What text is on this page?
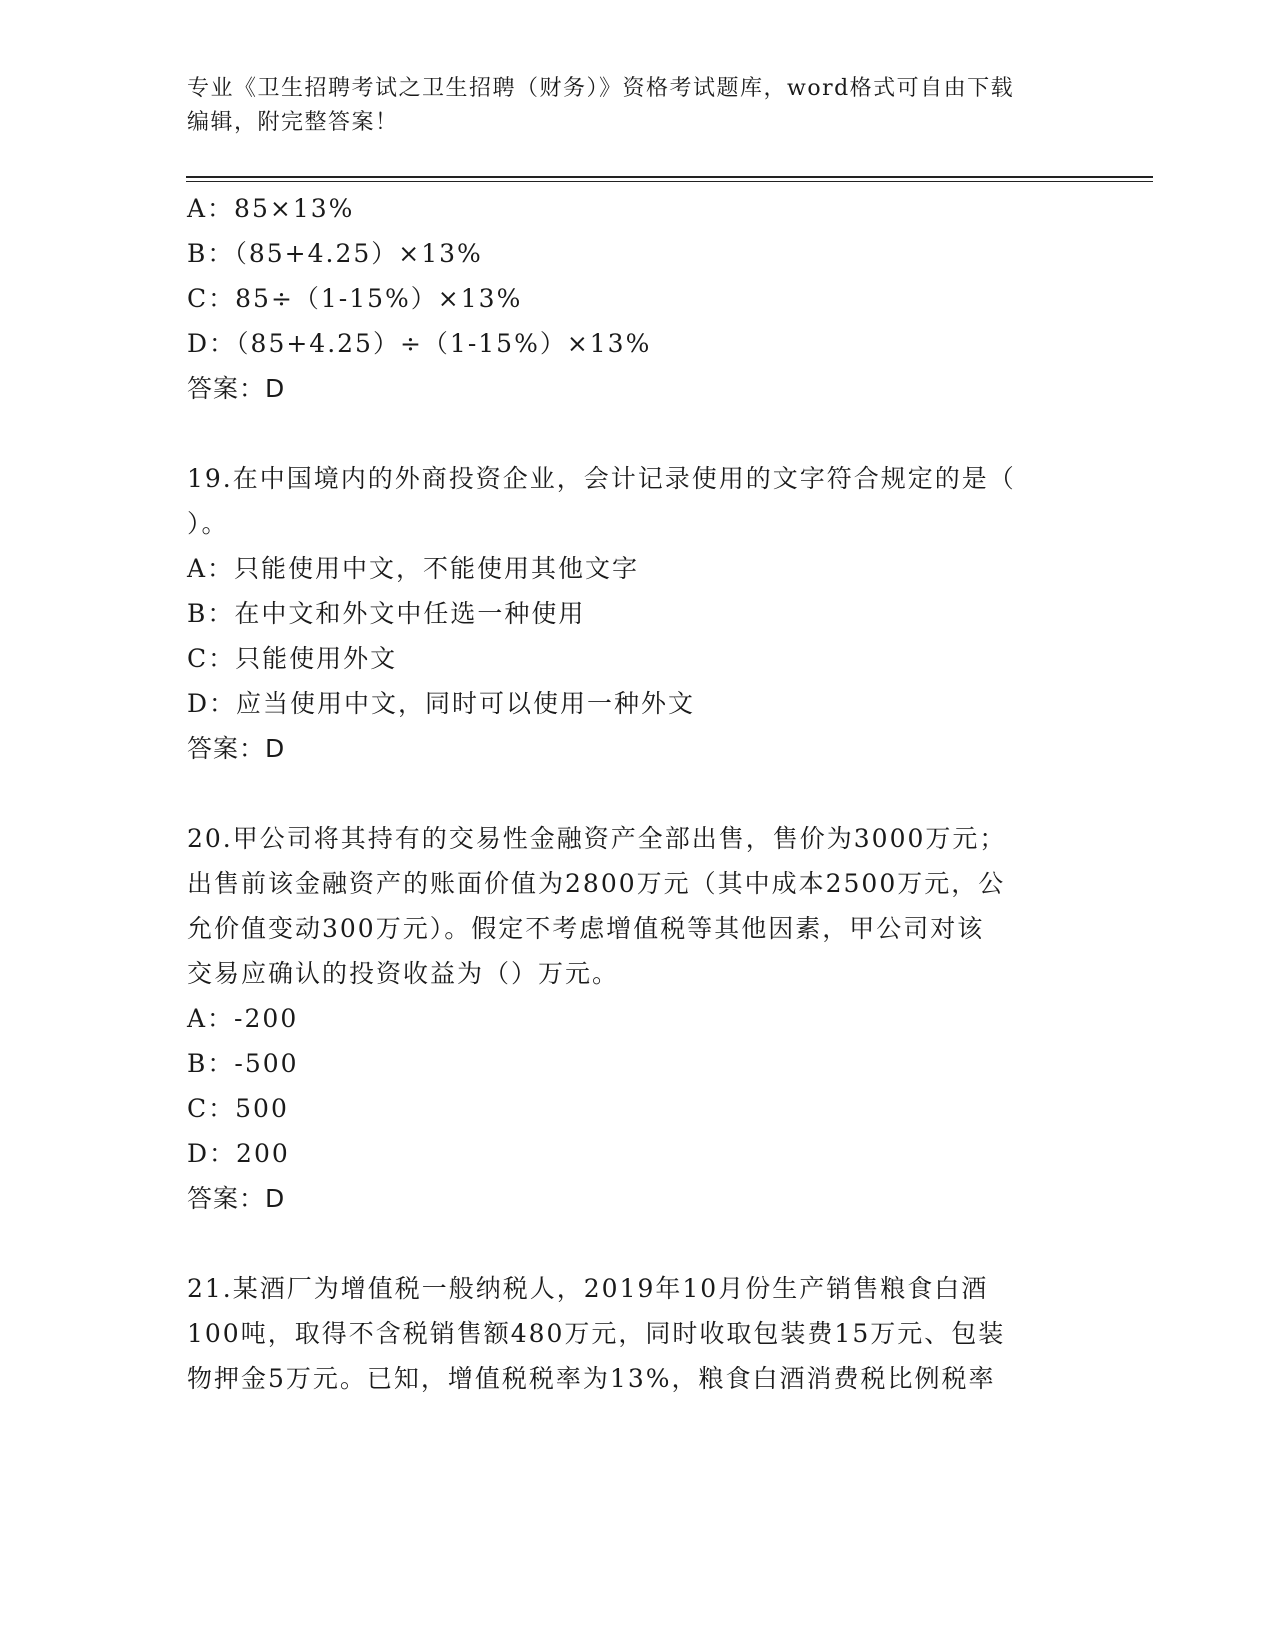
专业《卫生招聘考试之卫生招聘（财务）》资格考试题库，word格式可自由下载
编辑，附完整答案！
A：85×13%
B：（85+4.25）×13%
C：85÷（1-15%）×13%
D：（85+4.25）÷（1-15%）×13%
答案：D
19.在中国境内的外商投资企业，会计记录使用的文字符合规定的是（
）。
A：只能使用中文，不能使用其他文字
B：在中文和外文中任选一种使用
C：只能使用外文
D：应当使用中文，同时可以使用一种外文
答案：D
20.甲公司将其持有的交易性金融资产全部出售，售价为3000万元；
出售前该金融资产的账面价值为2800万元（其中成本2500万元，公
允价值变动300万元）。假定不考虑增值税等其他因素，甲公司对该
交易应确认的投资收益为（）万元。
A：-200
B：-500
C：500
D：200
答案：D
21.某酒厂为增值税一般纳税人，2019年10月份生产销售粮食白酒
100吨，取得不含税销售额480万元，同时收取包装费15万元、包装
物押金5万元。已知，增值税税率为13%，粮食白酒消费税比例税率
